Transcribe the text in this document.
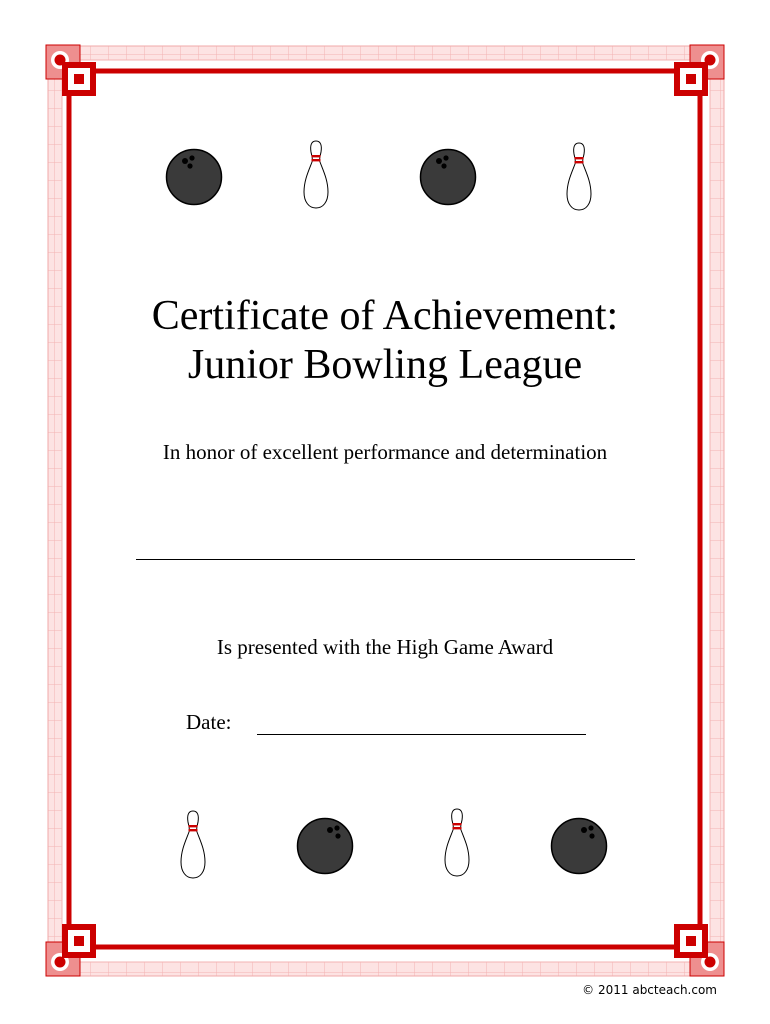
Certificate of Achievement:
Junior Bowling League
In honor of excellent performance and determination
Is presented with the High Game Award
Date:
© 2011 abcteach.com
